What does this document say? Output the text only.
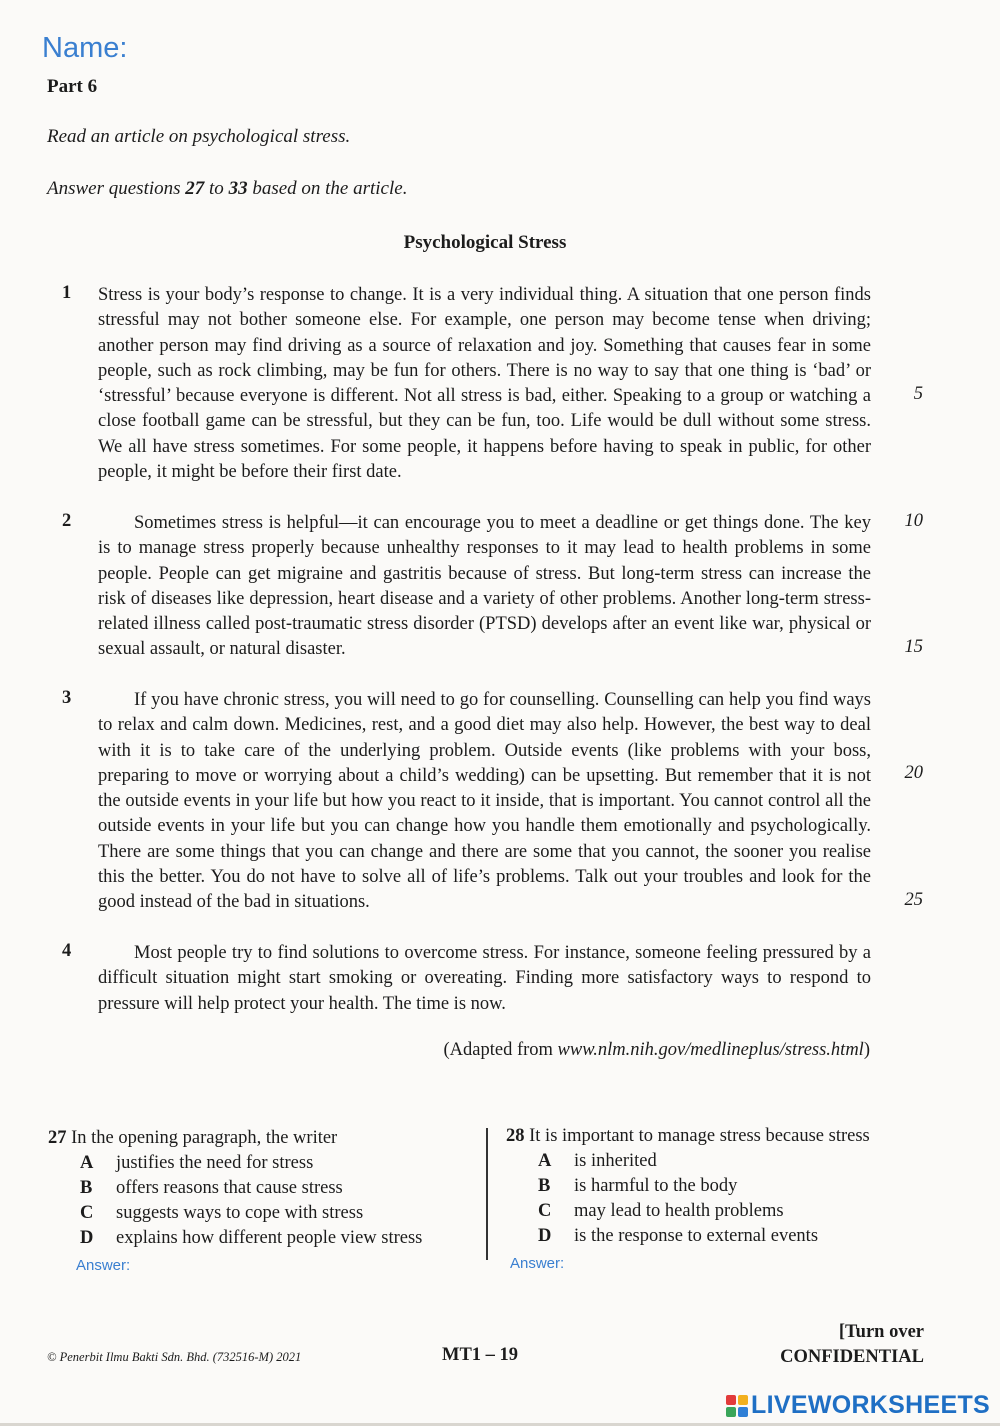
Name:
Part 6
Read an article on psychological stress.
Answer questions 27 to 33 based on the article.
Psychological Stress
1 Stress is your body’s response to change. It is a very individual thing. A situation that one person finds stressful may not bother someone else. For example, one person may become tense when driving; another person may find driving as a source of relaxation and joy. Something that causes fear in some people, such as rock climbing, may be fun for others. There is no way to say that one thing is ‘bad’ or ‘stressful’ because everyone is different. Not all stress is bad, either. Speaking to a group or watching a close football game can be stressful, but they can be fun, too. Life would be dull without some stress. We all have stress sometimes. For some people, it happens before having to speak in public, for other people, it might be before their first date.
2	Sometimes stress is helpful—it can encourage you to meet a deadline or get things done. The key is to manage stress properly because unhealthy responses to it may lead to health problems in some people. People can get migraine and gastritis because of stress. But long-term stress can increase the risk of diseases like depression, heart disease and a variety of other problems. Another long-term stress-related illness called post-traumatic stress disorder (PTSD) develops after an event like war, physical or sexual assault, or natural disaster.
3	If you have chronic stress, you will need to go for counselling. Counselling can help you find ways to relax and calm down. Medicines, rest, and a good diet may also help. However, the best way to deal with it is to take care of the underlying problem. Outside events (like problems with your boss, preparing to move or worrying about a child’s wedding) can be upsetting. But remember that it is not the outside events in your life but how you react to it inside, that is important. You cannot control all the outside events in your life but you can change how you handle them emotionally and psychologically. There are some things that you can change and there are some that you cannot, the sooner you realise this the better. You do not have to solve all of life’s problems. Talk out your troubles and look for the good instead of the bad in situations.
4	Most people try to find solutions to overcome stress. For instance, someone feeling pressured by a difficult situation might start smoking or overeating. Finding more satisfactory ways to respond to pressure will help protect your health. The time is now.
5
10
15
20
25
(Adapted from www.nlm.nih.gov/medlineplus/stress.html)
27 In the opening paragraph, the writer
A justifies the need for stress
B offers reasons that cause stress
C suggests ways to cope with stress
D explains how different people view stress
Answer:
28 It is important to manage stress because stress
A is inherited
B is harmful to the body
C may lead to health problems
D is the response to external events
Answer:
[Turn over
CONFIDENTIAL
© Penerbit Ilmu Bakti Sdn. Bhd. (732516-M) 2021	MT1 – 19
LIVEWORKSHEETS
